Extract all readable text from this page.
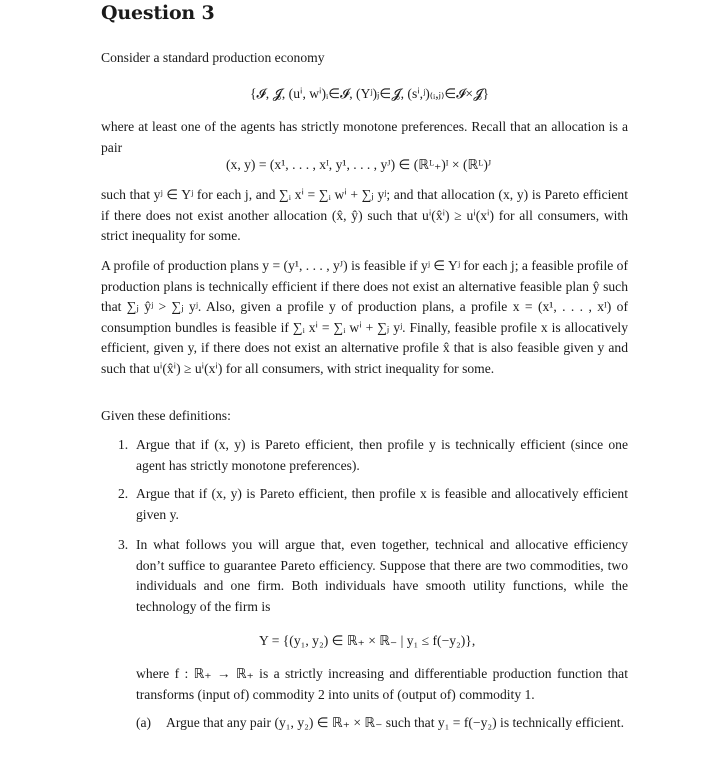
Question 3

Consider a standard production economy

{𝓘, 𝓙, (uⁱ, wⁱ)ᵢ∈𝓘, (Yʲ)ⱼ∈𝓙, (sⁱ,ʲ)₍ᵢ,ⱼ₎∈𝓘×𝓙}

where at least one of the agents has strictly monotone preferences. Recall that an allocation is a pair

(x, y) = (x¹, . . . , xᴵ, y¹, . . . , yᴶ) ∈ (ℝᴸ₊)ᴵ × (ℝᴸ)ᴶ

such that yʲ ∈ Yʲ for each j, and ∑ᵢ xⁱ = ∑ᵢ wⁱ + ∑ⱼ yʲ; and that allocation (x, y) is Pareto efficient if there does not exist another allocation (x̂, ŷ) such that uⁱ(x̂ⁱ) ≥ uⁱ(xⁱ) for all consumers, with strict inequality for some.

A profile of production plans y = (y¹, . . . , yᴶ) is feasible if yʲ ∈ Yʲ for each j; a feasible profile of production plans is technically efficient if there does not exist an alternative feasible plan ŷ such that ∑ⱼ ŷʲ > ∑ⱼ yʲ. Also, given a profile y of production plans, a profile x = (x¹, . . . , xᴵ) of consumption bundles is feasible if ∑ᵢ xⁱ = ∑ᵢ wⁱ + ∑ⱼ yʲ. Finally, feasible profile x is allocatively efficient, given y, if there does not exist an alternative profile x̂ that is also feasible given y and such that uⁱ(x̂ⁱ) ≥ uⁱ(xⁱ) for all consumers, with strict inequality for some.

Given these definitions:

1. Argue that if (x, y) is Pareto efficient, then profile y is technically efficient (since one agent has strictly monotone preferences).
2. Argue that if (x, y) is Pareto efficient, then profile x is feasible and allocatively efficient given y.
3. In what follows you will argue that, even together, technical and allocative efficiency don’t suffice to guarantee Pareto efficiency. Suppose that there are two commodities, two individuals and one firm. Both individuals have smooth utility functions, while the technology of the firm is
Y = {(y₁, y₂) ∈ ℝ₊ × ℝ₋ | y₁ ≤ f(−y₂)},

where f : ℝ₊ → ℝ₊ is a strictly increasing and differentiable production function that transforms (input of) commodity 2 into units of (output of) commodity 1.

(a) Argue that any pair (y₁, y₂) ∈ ℝ₊ × ℝ₋ such that y₁ = f(−y₂) is technically efficient.
